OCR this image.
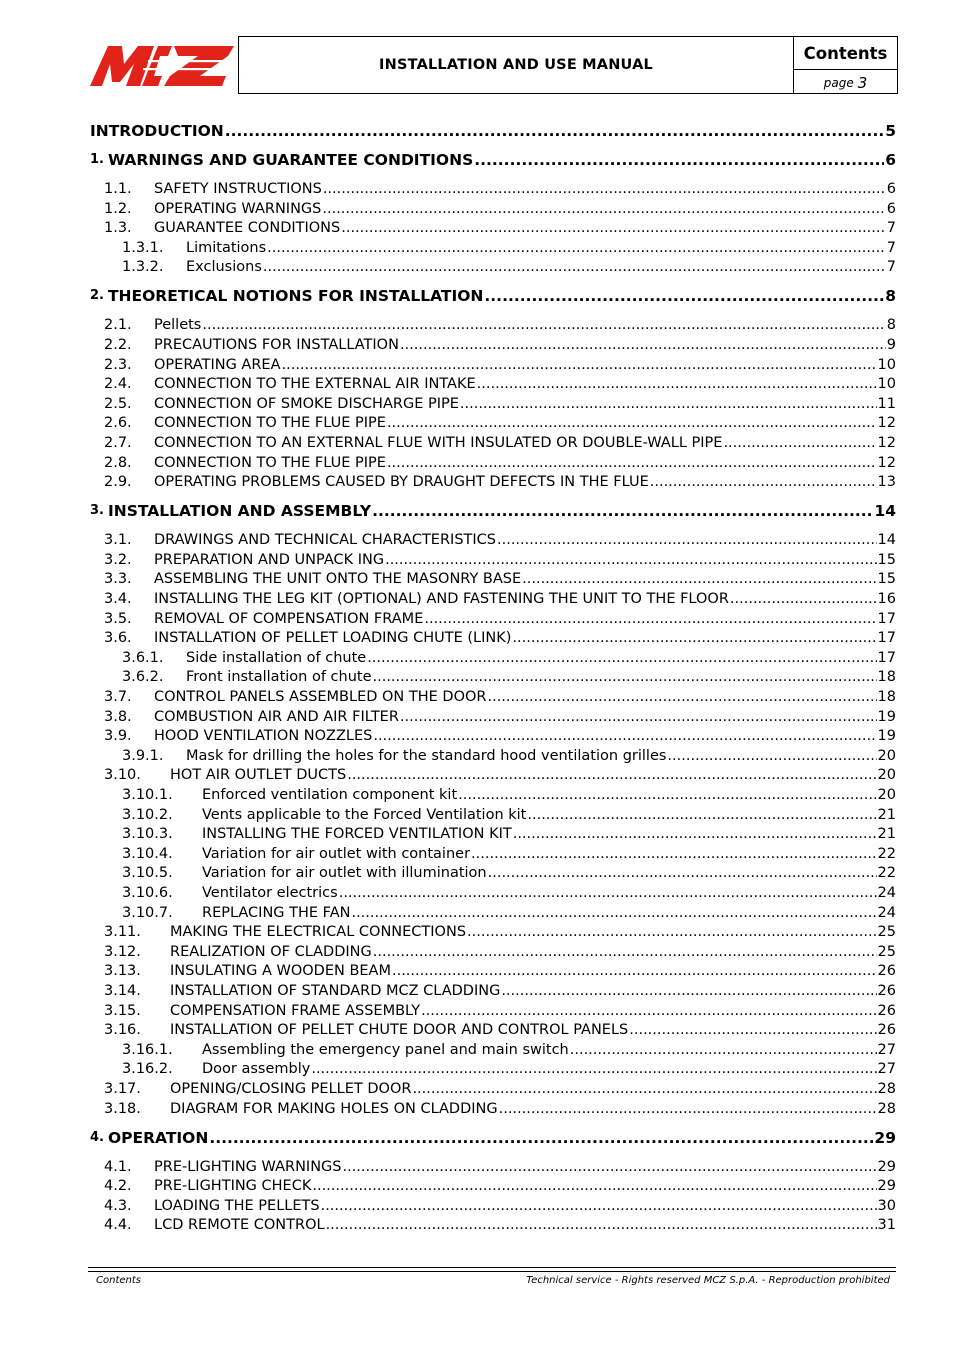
INSTALLATION AND USE MANUAL
Contents
page 3
INTRODUCTION .....	5
1. WARNINGS AND GUARANTEE CONDITIONS .....	6
1.1.	SAFETY INSTRUCTIONS .....	6
1.2.	OPERATING WARNINGS .....	6
1.3.	GUARANTEE CONDITIONS .....	7
1.3.1.	Limitations .....	7
1.3.2.	Exclusions .....	7
2. THEORETICAL NOTIONS FOR INSTALLATION .....	8
2.1.	Pellets .....	8
2.2.	PRECAUTIONS FOR INSTALLATION .....	9
2.3.	OPERATING AREA .....	10
2.4.	CONNECTION TO THE EXTERNAL AIR INTAKE .....	10
2.5.	CONNECTION OF SMOKE DISCHARGE PIPE .....	11
2.6.	CONNECTION TO THE FLUE PIPE .....	12
2.7.	CONNECTION TO AN EXTERNAL FLUE WITH INSULATED OR DOUBLE-WALL PIPE .....	12
2.8.	CONNECTION TO THE FLUE PIPE .....	12
2.9.	OPERATING PROBLEMS CAUSED BY DRAUGHT DEFECTS IN THE FLUE .....	13
3. INSTALLATION AND ASSEMBLY .....	14
3.1.	DRAWINGS AND TECHNICAL CHARACTERISTICS .....	14
3.2.	PREPARATION AND UNPACK ING .....	15
3.3.	ASSEMBLING THE UNIT ONTO THE MASONRY BASE .....	15
3.4.	INSTALLING THE LEG KIT (OPTIONAL) AND FASTENING THE UNIT TO THE FLOOR .....	16
3.5.	REMOVAL OF COMPENSATION FRAME .....	17
3.6.	INSTALLATION OF PELLET LOADING CHUTE (LINK) .....	17
3.6.1.	Side installation of chute .....	17
3.6.2.	Front installation of chute .....	18
3.7.	CONTROL PANELS ASSEMBLED ON THE DOOR .....	18
3.8.	COMBUSTION AIR AND AIR FILTER .....	19
3.9.	HOOD VENTILATION NOZZLES .....	19
3.9.1.	Mask for drilling the holes for the standard hood ventilation grilles .....	20
3.10.	HOT AIR OUTLET DUCTS .....	20
3.10.1.	Enforced ventilation component kit .....	20
3.10.2.	Vents applicable to the Forced Ventilation kit .....	21
3.10.3.	INSTALLING THE FORCED VENTILATION KIT .....	21
3.10.4.	Variation for air outlet with container .....	22
3.10.5.	Variation for air outlet with illumination .....	22
3.10.6.	Ventilator electrics .....	24
3.10.7.	REPLACING THE FAN .....	24
3.11.	MAKING THE ELECTRICAL CONNECTIONS .....	25
3.12.	REALIZATION OF CLADDING .....	25
3.13.	INSULATING A WOODEN BEAM .....	26
3.14.	INSTALLATION OF STANDARD MCZ CLADDING .....	26
3.15.	COMPENSATION FRAME ASSEMBLY .....	26
3.16.	INSTALLATION OF PELLET CHUTE DOOR AND CONTROL PANELS .....	26
3.16.1.	Assembling the emergency panel and main switch .....	27
3.16.2.	Door assembly .....	27
3.17.	OPENING/CLOSING PELLET DOOR .....	28
3.18.	DIAGRAM FOR MAKING HOLES ON CLADDING .....	28
4. OPERATION .....	29
4.1.	PRE-LIGHTING WARNINGS .....	29
4.2.	PRE-LIGHTING CHECK .....	29
4.3.	LOADING THE PELLETS .....	30
4.4.	LCD REMOTE CONTROL .....	31
Contents	Technical service - Rights reserved MCZ S.p.A. - Reproduction prohibited
